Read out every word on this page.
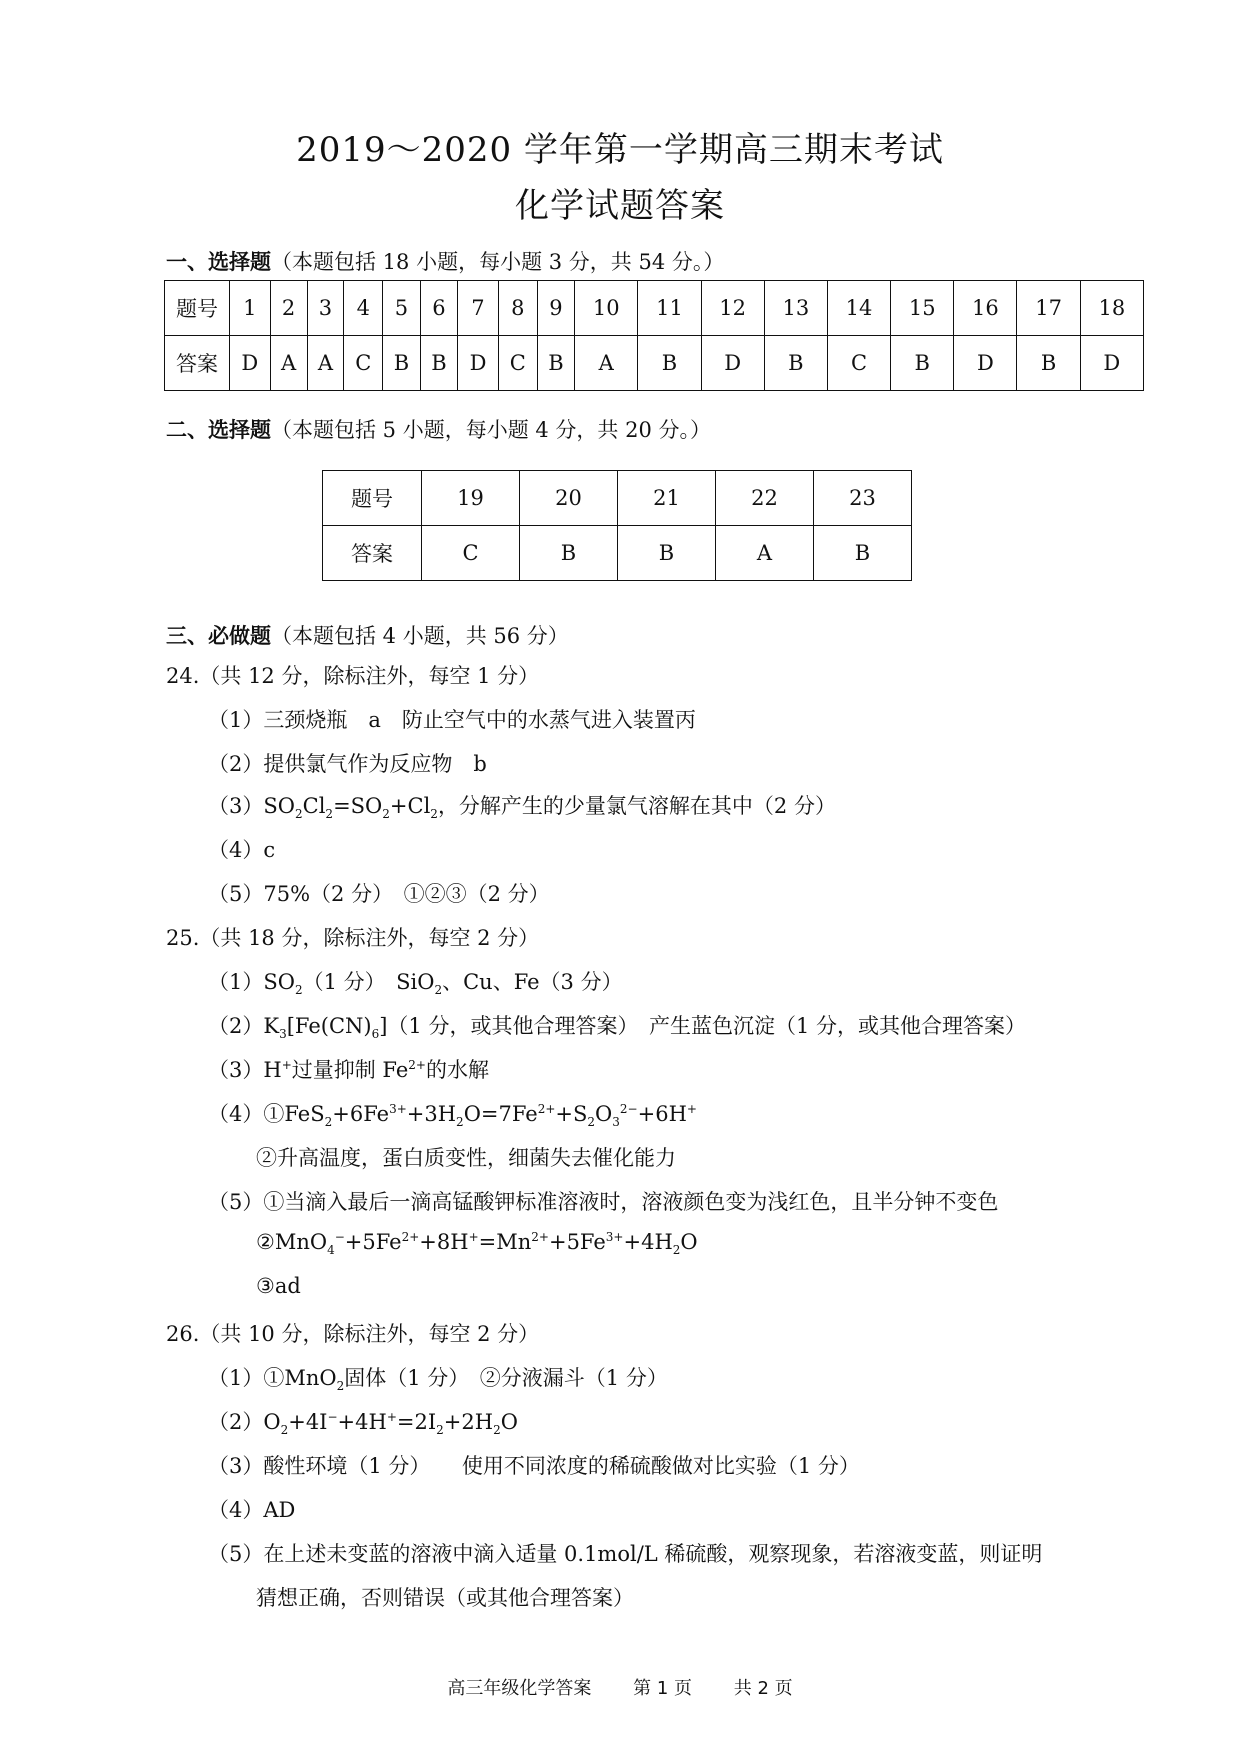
2019～2020 学年第一学期高三期末考试
化学试题答案
一、选择题（本题包括 18 小题，每小题 3 分，共 54 分。）
题号	1	2	3	4	5	6	7	8	9	10	11	12	13	14	15	16	17	18
答案	D	A	A	C	B	B	D	C	B	A	B	D	B	C	B	D	B	D
二、选择题（本题包括 5 小题，每小题 4 分，共 20 分。）
题号	19	20	21	22	23
答案	C	B	B	A	B
三、必做题（本题包括 4 小题，共 56 分）
24.（共 12 分，除标注外，每空 1 分）
（1）三颈烧瓶　a　防止空气中的水蒸气进入装置丙
（2）提供氯气作为反应物　b
$(3)SO_2Cl_2=SO_2+Cl_2$，分解产生的少量氯气溶解在其中（2 分）
（4）c
（5）75%（2 分）　①②③（2 分）
25.（共 18 分，除标注外，每空 2 分）
$(1)SO_2(1$ 分）　SiO$_2$、Cu、Fe（3 分）
$(2)K_3[Fe(CN)_6](1$ 分，或其他合理答案）　产生蓝色沉淀（1 分，或其他合理答案）
（3）H+过量抑制 $Fe^{2+}$的水解
$(4)①FeS_2+6Fe^{3+}+3H_2O=7Fe^{2+}+S_2O_3^{2-}+6H^+$
②升高温度，蛋白质变性，细菌失去催化能力
（5）①当滴入最后一滴高锰酸钾标准溶液时，溶液颜色变为浅红色，且半分钟不变色
$②MnO_4^-+5Fe^{2+}+8H^+=Mn^{2+}+5Fe^{3+}+4H_2O$
③ad
26.（共 10 分，除标注外，每空 2 分）
（1）①MnO$_2$固体（1 分）　②分液漏斗（1 分）
$(2)O_2+4I^-+4H^+=2I_2+2H_2O$
（3）酸性环境（1 分）　　使用不同浓度的稀硫酸做对比实验（1 分）
（4）AD
（5）在上述未变蓝的溶液中滴入适量 0.1mol/L 稀硫酸，观察现象，若溶液变蓝，则证明
猜想正确，否则错误（或其他合理答案）
高三年级化学答案 第 1 页 共 2 页
